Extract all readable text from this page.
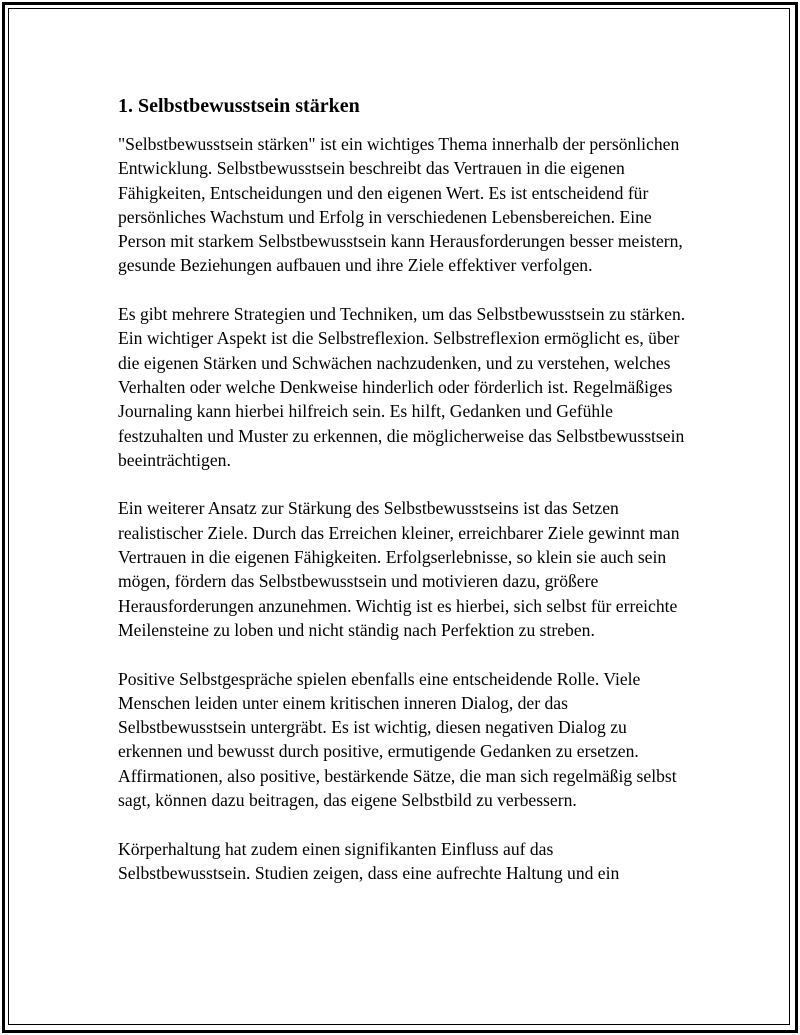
1. Selbstbewusstsein stärken

"Selbstbewusstsein stärken" ist ein wichtiges Thema innerhalb der persönlichen Entwicklung. Selbstbewusstsein beschreibt das Vertrauen in die eigenen Fähigkeiten, Entscheidungen und den eigenen Wert. Es ist entscheidend für persönliches Wachstum und Erfolg in verschiedenen Lebensbereichen. Eine Person mit starkem Selbstbewusstsein kann Herausforderungen besser meistern, gesunde Beziehungen aufbauen und ihre Ziele effektiver verfolgen.

Es gibt mehrere Strategien und Techniken, um das Selbstbewusstsein zu stärken. Ein wichtiger Aspekt ist die Selbstreflexion. Selbstreflexion ermöglicht es, über die eigenen Stärken und Schwächen nachzudenken, und zu verstehen, welches Verhalten oder welche Denkweise hinderlich oder förderlich ist. Regelmäßiges Journaling kann hierbei hilfreich sein. Es hilft, Gedanken und Gefühle festzuhalten und Muster zu erkennen, die möglicherweise das Selbstbewusstsein beeinträchtigen.

Ein weiterer Ansatz zur Stärkung des Selbstbewusstseins ist das Setzen realistischer Ziele. Durch das Erreichen kleiner, erreichbarer Ziele gewinnt man Vertrauen in die eigenen Fähigkeiten. Erfolgserlebnisse, so klein sie auch sein mögen, fördern das Selbstbewusstsein und motivieren dazu, größere Herausforderungen anzunehmen. Wichtig ist es hierbei, sich selbst für erreichte Meilensteine zu loben und nicht ständig nach Perfektion zu streben.

Positive Selbstgespräche spielen ebenfalls eine entscheidende Rolle. Viele Menschen leiden unter einem kritischen inneren Dialog, der das Selbstbewusstsein untergräbt. Es ist wichtig, diesen negativen Dialog zu erkennen und bewusst durch positive, ermutigende Gedanken zu ersetzen. Affirmationen, also positive, bestärkende Sätze, die man sich regelmäßig selbst sagt, können dazu beitragen, das eigene Selbstbild zu verbessern.

Körperhaltung hat zudem einen signifikanten Einfluss auf das Selbstbewusstsein. Studien zeigen, dass eine aufrechte Haltung und ein
